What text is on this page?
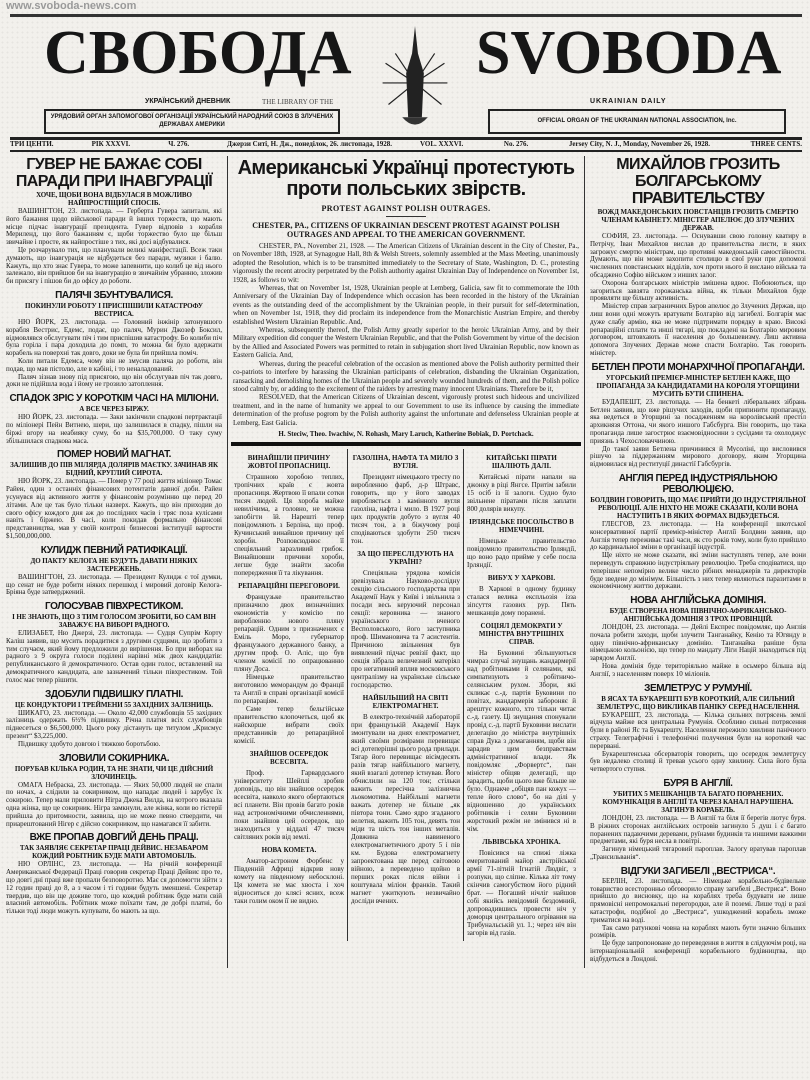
www.svoboda-news.com
СВОБОДА SVOBODA
УКРАЇНСЬКИЙ ДНЕВНИК	THE LIBRARY OF THE	UKRAINIAN DAILY
УРЯДОВИЙ ОРГАН ЗАПОМОГОВОЇ ОРГАНІЗАЦІЇ УКРАЇНСЬКИЙ НАРОДНИЙ СОЮЗ В ЗЛУЧЕНИХ ДЕРЖАВАХ АМЕРИКИ
OFFICIAL ORGAN OF THE UKRAINIAN NATIONAL ASSOCIATION, Inc.
ТРИ ЦЕНТИ.	РІК XXXVI.	Ч. 276.	Джерзи Ситі, Н. Дж., понеділок, 26. листопада, 1928.	VOL. XXXVI.	No. 276.	Jersey City, N. J., Monday, November 26, 1928.	THREE CENTS.
ГУВЕР НЕ БАЖАЄ СОБІ ПАРАДИ ПРИ ІНАВГУРАЦІЇ
ХОЧЕ, ЩОБИ ВОНА ВІДБУЛАСЯ В МОЖЛИВО НАЙПРОСТІЩИЙ СПОСІБ.

ВАШИНГТОН, 23. листопада. — Герберта Гувера запитали, які його бажання щодо військової паради й інших торжеств, що мають місце підчас інавгурації президента. Гувер відповів з корабля Мериленд, що його бажанням є, щоби торжество було ще більш звичайне і просте, як найпростіше з тих, які досі відбувалися.

Це розчарувало тих, що планували великі маніфестації. Всеж таки думають, що інавгурація не відбудеться без паради, музики і балю. Кажуть, що хто знає Гувера, то може запевнити, що колиб це від нього залежало, він прийшов би на інавгурацію в звичайнім убранню, зложив би присягу і пішов би до офісу до роботи.

ПАЛЯЧІ ЗБУНТУВАЛИСЯ.
ПОКИНУЛИ РОБОТУ І ПРИСПІШИЛИ КАТАСТРОФУ ВЕСТРИСА.

НЮ ЙОРК, 23. листопада. — Головний інжінір затонувшого корабля Вестрис, Едемс, подає, що паляч, Мурин Джозеф Боксил, відмовлявся обслугувати піч і тим приспішив катастрофу. Бо колиби піч була горіла і пара доходила до помп, то можна би було вдержати корабель на поверхні так довго, доки не була би прийшла поміч.

Коли питали Едемса, чому він не змусив паляча до роботи, він подав, що мав пістолю, але в кабіні, і то неналадований.

Паляч зізнав знову під присягою, що він обслугував піч так довго, доки не підійшла вода і йому не грозило затоплення.

СПАДОК ЗРІС У КОРОТКІМ ЧАСІ НА МІЛІОНИ.
А ВСЕ ЧЕРЕЗ БІРЖУ.

НЮ ЙОРК, 23. листопада. — Заки закінчили спадкові пертрактації по міліонері Пейн Витнею, шери, що залишилася в спадку, пішли на біржі вгору на неабияку суму, бо на $35,700,000. О таку суму збільшилася спадкова маса.

ПОМЕР НОВИЙ МАГНАТ.
ЗАЛИШИВ ДО ПІВ МІЛЯРДА ДОЛЯРІВ МАЄТКУ. ЗАЧИНАВ ЯК БІДНИЙ, КРУГЛИЙ СИРОТА.

НЮ ЙОРК, 23. листопада. — Помер у 77 році життя міліонер Томас Райен, один з останніх фінансових потентатів давної доби. Райен усунувся від активного життя у фінансовім розумінню ще перед 20 літами. Але це так було тільки назверх. Кажуть, що він приходив до свого офісу кождого дня аж до послідних часів і тряс поза кулісами навіть і біржею. В часі, коли покидав формально фінансові представництва, мав у своїй контролі бизнесові інституції вартости $1,500,000,000.

КУЛИДЖ ПЕВНИЙ РАТИФІКАЦІЇ.
ДО ПАКТУ КЕЛОГА НЕ БУДУТЬ ДАВАТИ НІЯКИХ ЗАСТЕРЕЖЕНЬ.

ВАШИНГТОН, 23. листопада. — Президент Кулидж є тої думки, що сенат не буде робити ніяких перешкод і мировий договір Келога-Бріяна буде затверджений.

ГОЛОСУВАВ ПІВХРЕСТИКОМ.
І НЕ ЗНАЮТЬ, ЩО З ТИМ ГОЛОСОМ ЗРОБИТИ, БО САМ ВІН ЗАВАЖУЄ НА ВИБОРІ РАДНОГО.

ЕЛИЗАБЕТ, Ню Джерзі, 23. листопада. — Судця Супрім Корту Каліш заявив, що мусить порадитися з другими судцями, що зробити з тим случаєм, який йому предложили до вирішення. Бо при виборах на радного з 9 округа голоси поділені нарівні між двох кандидатів: републиканського й демократичного. Остав один голос, вставлений на демократичного кандидата, але зазначений тільки півхрестиком. Той голос має тепер рішити.

ЗДОБУЛИ ПІДВИШКУ ПЛАТНІ.
ЦЕ КОНДУКТОРИ І ТРЕЙМЕНИ 55 ЗАХІДНИХ ЗАЛІЗНИЦЬ.

ШИКАГО, 23. листопада. — Около 42,000 службовців 55 західних залізниць одержать 6½% підвишку. Річна платня всіх службовців піднесеться о $6,500,000. Цього року дістануть ще титулом „Крисмус презент“ $3,225,000.

Підвишку здобуто довгою і тяжкою боротьбою.

ЗЛОВИЛИ СОКИРНИКА.
ПОРУБАВ КІЛЬКА РОДИН, ТА НЕ ЗНАТИ, ЧИ ЦЕ ДІЙСНИЙ ЗЛОЧИНЕЦЬ.

ОМАГА Небраска, 23. листопада. — Яких 50,000 людей не спали по ночах, а слідили за сокирником, що нападає людей і зарубує їх сокирою. Тепер мали приловити Нігра Джека Вилда, на котрого вказала одна жінка, що це сокирник. Нігра замкнули, але жінка, коли во гістерії прийшла до притомности, заявила, що не може певно ствердити, чи приарештований Нігер є дійсно сокирником, що намагався її забити.

ВЖЕ ПРОПАВ ДОВГИЙ ДЕНЬ ПРАЦІ.
ТАК ЗАЯВЛЯЄ СЕКРЕТАР ПРАЦІ ДЕЙВИС. НЕЗАБАРОМ КОЖДИЙ РОБІТНИК БУДЕ МАТИ АВТОМОБІЛЬ.

НЮ ОРЛІНС, 23. листопада. — На річній конференції Американської Федерації Праці говорив секретар Праці Дейвис про те, що довгі дні праці вже пропали безповоротно. Має ся допомогти зійти з 12 годин праці до 8, а з часом і ті години будуть зменшені. Секретар твердив, що він ще доживе того, що кождий робітник буде мати свій власний автомобіль. Робітник може поїхати там, де добрі платні, бо тільки тоді люди можуть купувати, бо мають за що.

Американські Українці протестують проти польських звірств.
PROTEST AGAINST POLISH OUTRAGES.
CHESTER, PA., CITIZENS OF UKRAINIAN DESCENT PROTEST AGAINST POLISH OUTRAGES AND APPEAL TO THE AMERICAN GOVERNMENT.

CHESTER, PA., November 21, 1928. — The American Citizens of Ukrainian descent in the City of Chester, Pa., on November 18th, 1928, at Synagogue Hall, 8th & Welsh Streets, solemnly assembled at the Mass Meeting, unanimously adopted the Resolution, which is to be transmitted immediately to the Secretary of State, Washington, D. C., protesting vigorously the recent atrocity perpetrated by the Polish authority against Ukrainian Day of Independence on November 1st, 1928, as follows to wit:

Whereas, that on November 1st, 1928, Ukrainian people at Lemberg, Galicia, saw fit to commemorate the 10th Anniversary of the Ukrainian Day of Independence which occasion has been recorded in the history of the Ukrainian events as the outstanding deed of the accomplishment by the Ukrainian people, in their pursuit for self-determination, when on November 1st, 1918, they did proclaim its independence from the Monarchistic Austrian Empire, and thereby established Western Ukrainian Republic. And,

Whereas, subsequently thereof, the Polish Army greatly superior to the heroic Ukrainian Army, and by their Military expedition did conquer the Western Ukrainian Republic, and that the Polish Government by virtue of the decision by the Allied and Associated Powers was permitted to retain in subjugation short lived Ukrainian Republic, now known as Eastern Galicia. And,

Whereas, during the peaceful celebration of the occasion as mentioned above the Polish authority permitted their co-patriots to interfere by harassing the Ukrainian participants of celebration, disbanding the Ukrainian Organization, ransacking and demolishing homes of the Ukrainian people and severely wounded hundreds of them, and the Polish police stood calmly by, or adding to the excitement of the raiders by arresting many innocent Ukrainians. Therefore be it,

RESOLVED, that the American Citizens of Ukrainian descent, vigorously protest such hideous and uncivilized treatment, and in the name of humanity we appeal to our Government to use its influence by causing the immediate determination of the profuse pogrom by the Polish authority against the unfortunate and defenseless Ukrainian people at Lemberg, East Galicia.

H. Steciw, Theo. Iwachiw, N. Rohash, Mary Laruch, Katherine Bobiak, D. Portchack.

ВИНАЙШЛИ ПРИЧИНУ ЖОВТОЇ ПРОПАСНИЦІ.

Страшною хоробою теплих, тропічних країв є жовта пропасниця. Жертвою її впали сотки тисяч людей. Ця хороба майже невилічима, а головно, не можна запобігти їй. Нарешті тепер повідомляють з Берліна, що проф. Кучинський винайшов причину цеї хороби. Розповсюднює її спеціяльний заразливий грибок. Винайшовши причини хороби, легше буде знайти засоби попередження її та лікування.

РЕПАРАЦІЙНІ ПЕРЕГОВОРИ.

Французьке правительство призначило двох визначніших економістів у комісію по виробленню нового пляну репарацій. Одним з призначених є Еміль Моро, губернатор французького державного банку, а другим проф. О. Аліс, що був членом комісії по опрацюванню пляну Доса.

Німецьке правительство виготовило меморандум до Франції та Англії в справі організації комісії по репараціям.

Саме тепер бельгійське правительство клопочеться, щоб як найскорше вибрати своїх представників до репараційної комісії.

ЗНАЙШОВ ОСЕРЕДОК ВСЕСВІТА.

Проф. Гарвардського університету Шейплі зробив доповідь, що він знайшов осередок всесвіта, навколо якого обертаються всі планети. Він провів багато років над астрономічними обчисленнями, поки знайшов цей осередок, що знаходиться у віддалі 47 тисяч світляних років від землі.

НОВА КОМЕТА.

Аматор-астроном Форбенс у Південній Африці відкрив нову комету на південному небосклоні. Ця комета не має хвоста і хоч відноситься до клясi ясних, всеж таки голим оком її не видно.

ГАЗОЛІНА, НАФТА ТА МИЛО З ВУГЛЯ.

Президент німецького тресту по виробленню фарб, д-р Штравс, говорить, що у його заводах виробляється з камінного вугля газоліна, нафта і мило. В 1927 році цих продуктів добуто з вугля 40 тисяч тон, а в біжучому році сподіваються здобути 250 тисяч тон.

ЗА ЩО ПЕРЕСЛІДУЮТЬ НА УКРАЇНІ?

Спеціяльна урядова комісія зревізувала Науково-дослідну секцію сільського господарства при Академії Наук у Київі і звільнила з посади весь керуючий персонал секції: керовника — знаного українського вченого Весполовського, його заступника проф. Шимановича та 7 асистентів. Причиною звільнення був виявлений підчас ревізії факт, що секція зібрала величезний матеріял про негативний вплив московського централізму на українське сільське господарство.

НАЙБІЛЬШИЙ НА СВІТІ ЕЛЕКТРОМАГНЕТ.

В електро-технічній лабораторії при французькій Академії Наук змонтували на днях електромагнет, який своїми розмірами перевищає всі дотеперішні цього рода прилади. Тягар його перевищає вісімдесять разів тягар найбільшого магнету, який взагалі дотепер істнував. Його обчислили на 120 тон; стільки важить пересічна залізнична льокомотива. Найбільші магнети важать дотепер не більше „як півтора тони. Само ядро згаданого велетня, важить 105 тон, девять тон міди та шість тон інших металів. Довжина навиненого електромагнетичного дроту 5 і пів км. Будова електромагнету запроектована ще перед світовою війною, а переведено щойно в перших роках після війни і коштувала міліон франків. Такий магнет ужиткують незвичайно досліди вчених.

КИТАЙСЬКІ ПІРАТИ ШАЛІЮТЬ ДАЛІ.

Китайські пірати напали на джонку в ріці Янгсе. Притім забили 15 осіб із її залоги. Судно було звільнене піратами після заплати 800 долярів викупу.

ІРЛЯНДСЬКЕ ПОСОЛЬСТВО В НІМЕЧЧИНІ.

Німецьке правительство повідомило правительство Ірляндії, що воно радо прийме у себе посла Ірляндії.

ВИБУХ У ХАРКОВІ.

В Харкові в одному будинку сталася велика експльозія ізза зіпсуття газових рур. Пять мешканців дому поранені.

СОЦІЯЛ ДЕМОКРАТИ У МІНІСТРА ВНУТРІШНІХ СПРАВ.

На Буковині збільшуються чимраз случаї знущань жандармерії над робітниками й селянами, які симпатизують з робітничо-селянським рухом. Збори, які скликає с.-д. партія Буковини по повітах, жандармерія забороняє й арештує кожного, хто тільки читає с.-д. газету. Ці знущання спонукали провід с.-д. партії Буковини вислати делегацію до міністра внутрішніх справ Дука з домаганням, щоби він зарадив цим безправствам адміністративної влади. Як повідомляє „Форвертс“, пан міністер обіцяв делегації, що зарадить, щоби цього вже більше не було. Однакче „обіцяв пан кожух — тепле його слово“, бо на ділі у відношенню до українських робітників і селян Буковини жорстокий режім не змінився ні в чім.

ЛЬВІВСЬКА ХРОНІКА.

Повісився на спижі ліжка емеритований майор австрійської армії 71-літній Ігнатій Людвіґ, з розпуки, що сліпне. Кілька літ тому скінчив самогубством його рідний брат. — Погаший нічліг найшов собі якийсь невідомий бездомний, допровадившись провести ніч у доморця центрального огрівання на Трибунальській ул. 1.; через ніч він загорів від газів.

МИХАЙЛОВ ГРОЗИТЬ БОЛГАРСЬКОМУ ПРАВИТЕЛЬСТВУ
ВОЖД МАКЕДОНСЬКИХ ПОВСТАНЦІВ ГРОЗИТЬ СМЕРТЮ ЧЛЕНАМ КАБІНЕТУ. МІНІСТЕР АПЕЛЮЄ ДО ЗЛУЧЕНИХ ДЕРЖАВ.

СОФИЯ, 23. листопада. — Оснувавши свою головну кватиру в Петрічу, Іван Михайлов вислав до правительства листи, в яких загрожує смертю міністрам, що противні македонській самостійности. Думають, що він може захопити столицю в свої руки при допомозі численних повстанських відділів, хоч проти нього й вислано війська та обсаджено Софію військом з инших залог.

Охорона болгарських міністрів змішена вдвоє. Побоюються, що загориться завзята горожанська війна, як тільки Михайлов буде проявляти ще більшу активність.

Міністер справ заграничних Буров апелює до Злучених Держав, що лиш вони одні можуть вратувати Болгарію від загибелі. Болгарія має дуже слабу армію, яка не може підтримати порядку в краю. Високі репараційні сплати та инші тягарі, що покладені на Болгарію мировим договором, штовхають її населення до большевизму. Лиш активна допомога Злучених Держав може спасти Болгарію. Так говорить міністер.

БЕТЛЕН ПРОТИ МОНАРХІЧНОЇ ПРОПАГАНДИ.
УГОРСЬКИЙ ПРЕМІЄР-МІНІСТЕР БЕТЛЕН КАЖЕ, ЩО ПРОПАГАНДА ЗА КАНДИДАТАМИ НА КОРОЛЯ УГОРЩИНИ МУСИТЬ БУТИ СПИНЕНА.

БУДАПЕШТ, 23. листопада. — На бенкеті ліберальних зібрань Бетлен заявив, що вже рішучих заходів, щоби припинити пропаганду, яка ведеться в Угорщині за посадженням на королівський престіл архикнязя Оттона, чи якого иншого Габсбурга. Він говорить, що така пропаганда лише загострює взаємовідносини з сусідами та охолоджує приязнь з Чехословаччиною.

До такої заяви Бетлена причинився й Мусоліні, що висловився рішучо за піддержанням мирового договору, яким Угорщина відмовилася від реституції династії Габсбургів.

АНГЛІЯ ПЕРЕД ІНДУСТРІЯЛЬНОЮ РЕВОЛЮЦІЄЮ.
БОЛДВИН ГОВОРИТЬ, ЩО МАЄ ПРИЙТИ ДО ІНДУСТРІЯЛЬНОЇ РЕВОЛЮЦІЇ. АЛЕ НІХТО НЕ МОЖЕ СКАЗАТИ, КОЛИ ВОНА НАСТУПИТЬ І В ЯКИХ ФОРМАХ ВІДБУДЕТЬСЯ.

ГЛЕСГОВ, 23. листопада. — На конференції шкотської консервативної партії премієр-міністер Англії Болдвин заявив, що Англія тепер переживає такі часи, як сто років тому, коли було прийшло до кардинальної зміни в організації індустрії.

Ще ніхто не може сказати, які зміни наступлять тепер, але вони переведуть справжню індустріяльну революцію. Треба сподіватися, що теперішнє непомірно велике число рібних менаджерів та директорів буде зведене до мінімум. Більшість з них тепер являються паразитами в економічному життю держави.

НОВА АНГЛІЙСЬКА ДОМІНІЯ.
БУДЕ СТВОРЕНА НОВА ПІВНІЧНО-АФРИКАНСЬКО-АНГЛІЙСЬКА ДОМІНІЯ З ТРОХ ПРОВІНЦІЙ.

ЛОНДОН, 23. листопада. — Дейлі Експрес повідомляє, що Англія почала робити заходи, щоби злучити Танганайку, Кенію та Югянду в одну північно-африканську домінію. Танганайка раніше була німецькою кольонією, що тепер по мандату Ліги Націй знаходиться під зарядом Англії.

Нова домінія буде територіяльно майже в осьмеро більша від Англії, з населенням поверх 10 міліонів.

ЗЕМЛЕТРУС У РУМУНІЇ.
В ЯСАХ ТА БУКАРЕШТІ БУВ КОРОТКИЙ, АЛЕ СИЛЬНИЙ ЗЕМЛЕТРУС, ЩО ВИКЛИКАВ ПАНІКУ СЕРЕД НАСЕЛЕННЯ.

БУКАРЕШТ, 23. листопада. — Кілька сильних потрясень землі відчула майже вся центральна Румунія. Особливо сильні потрясення були в районі Яс та Букарешту. Населення пережило хвилини панічного страху. Телеграфічні і телефонічні получення були на короткий час перервані.

Букарештенська обсерваторія говорить, що осередок землетрусу був недалеко столиці й тревав усього одну хвилину. Сила його була четвертого ступня.

БУРЯ В АНГЛІЇ.
УБИТИХ 5 МЕШКАНЦІВ ТА БАГАТО ПОРАНЕНИХ. КОМУНІКАЦІЯ В АНГЛІЇ ТА ЧЕРЕЗ КАНАЛ НАРУШЕНА. ЗАГИНУВ КОРАБЕЛЬ.

ЛОНДОН, 23. листопада. — В Англії та біля її берегів лютує буря. В ріжних сторонах англійських островів загинуло 5 душ і є багато поранених падаючими деревами, руїнами будинків та иншими важкими предметами, які буря несла в повітрі.

Загинув німецький тягаровий пароплав. Залогу вратував пароплав „Трансильванія“.

ВІДГУКИ ЗАГИБЕЛІ „ВЕСТРИСА“.

БЕРЛІН, 23. листопада. — Німецьке корабельно-будівельне товариство всесторонньо обговорило справу загибелі „Вестриса“. Воно прийшло до висновку, що на кораблях треба будувати не лише прямовісні непромокальні перегородки, але й поземі. Лише тоді в разі катастрофи, подібної до „Вестриса“, ушкоджений корабель зможе триматися на воді.

Так само ратункові човна на кораблях мають бути значно більших розмірів.

Це буде запропоноване до переведення в життя в слідуючім році, на інтернаціональній конференції корабельного будівництва, що відбудеться в Лондоні.
